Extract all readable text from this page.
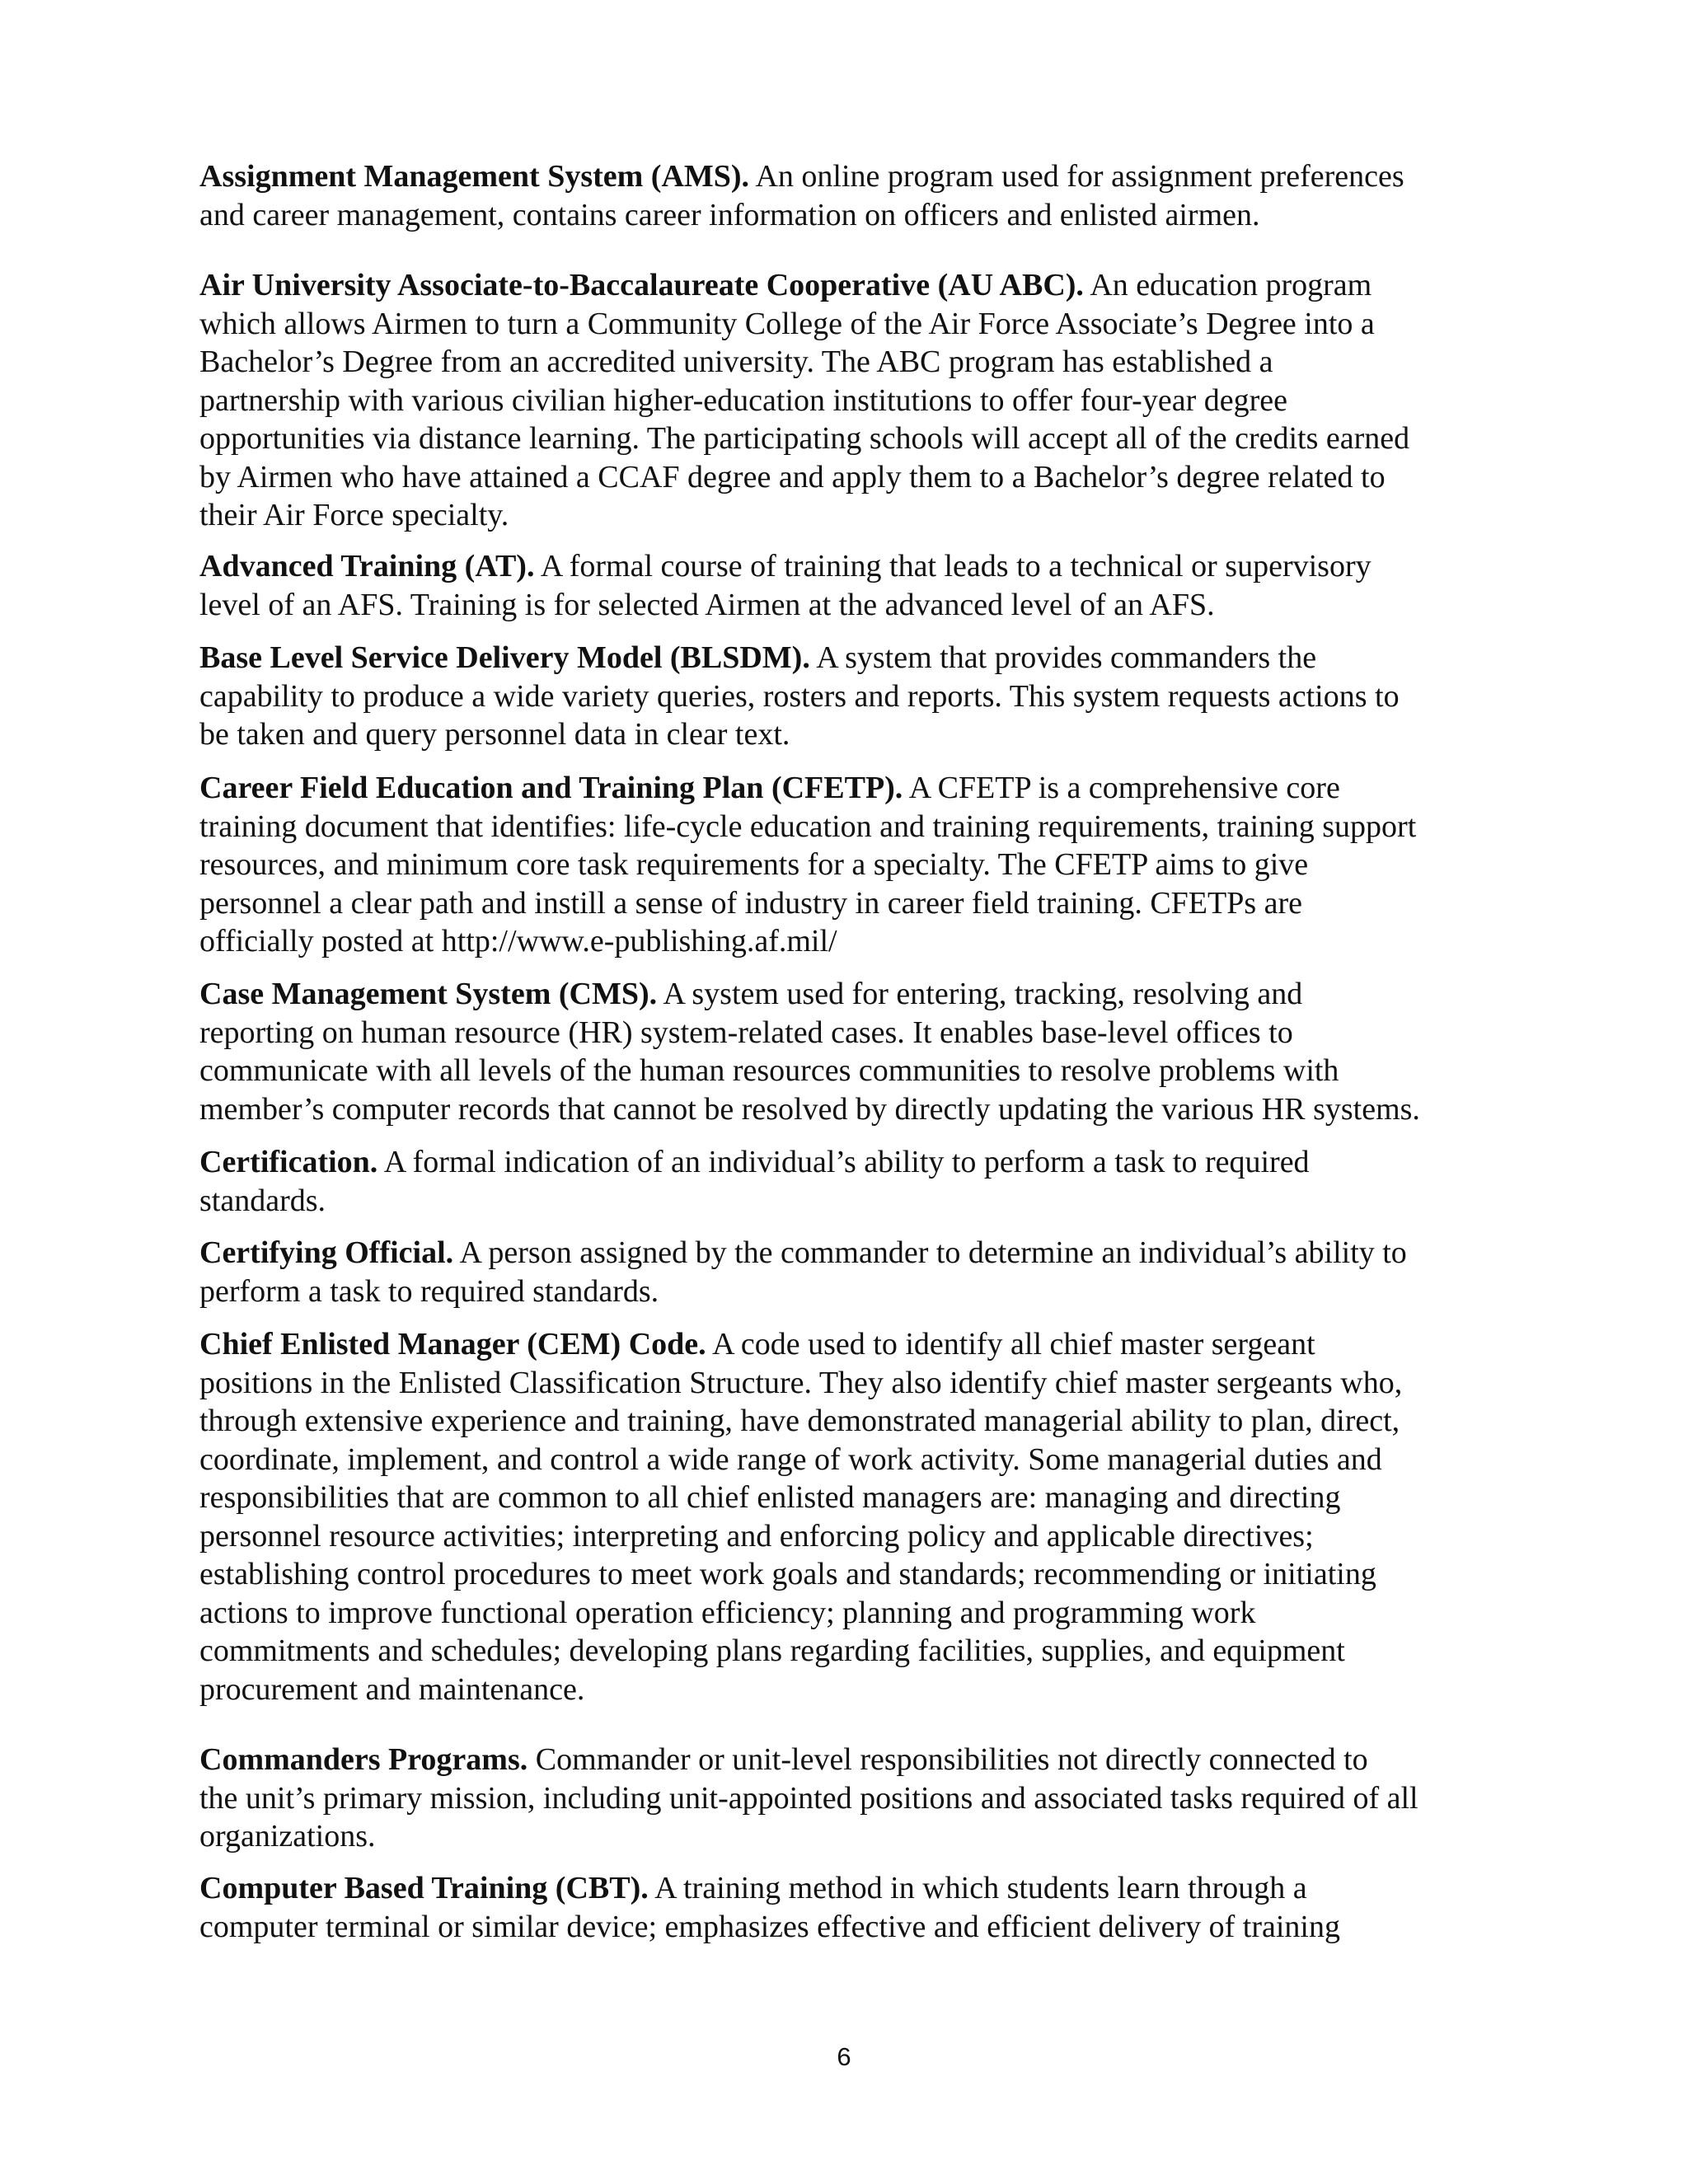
Assignment Management System (AMS). An online program used for assignment preferences
and career management, contains career information on officers and enlisted airmen.

Air University Associate-to-Baccalaureate Cooperative (AU ABC). An education program
which allows Airmen to turn a Community College of the Air Force Associate’s Degree into a
Bachelor’s Degree from an accredited university. The ABC program has established a
partnership with various civilian higher-education institutions to offer four-year degree
opportunities via distance learning. The participating schools will accept all of the credits earned
by Airmen who have attained a CCAF degree and apply them to a Bachelor’s degree related to
their Air Force specialty.

Advanced Training (AT). A formal course of training that leads to a technical or supervisory
level of an AFS. Training is for selected Airmen at the advanced level of an AFS.

Base Level Service Delivery Model (BLSDM). A system that provides commanders the
capability to produce a wide variety queries, rosters and reports. This system requests actions to
be taken and query personnel data in clear text.

Career Field Education and Training Plan (CFETP). A CFETP is a comprehensive core
training document that identifies: life-cycle education and training requirements, training support
resources, and minimum core task requirements for a specialty. The CFETP aims to give
personnel a clear path and instill a sense of industry in career field training. CFETPs are
officially posted at http://www.e-publishing.af.mil/

Case Management System (CMS). A system used for entering, tracking, resolving and
reporting on human resource (HR) system-related cases. It enables base-level offices to
communicate with all levels of the human resources communities to resolve problems with
member’s computer records that cannot be resolved by directly updating the various HR systems.

Certification. A formal indication of an individual’s ability to perform a task to required
standards.

Certifying Official. A person assigned by the commander to determine an individual’s ability to
perform a task to required standards.

Chief Enlisted Manager (CEM) Code. A code used to identify all chief master sergeant
positions in the Enlisted Classification Structure. They also identify chief master sergeants who,
through extensive experience and training, have demonstrated managerial ability to plan, direct,
coordinate, implement, and control a wide range of work activity. Some managerial duties and
responsibilities that are common to all chief enlisted managers are: managing and directing
personnel resource activities; interpreting and enforcing policy and applicable directives;
establishing control procedures to meet work goals and standards; recommending or initiating
actions to improve functional operation efficiency; planning and programming work
commitments and schedules; developing plans regarding facilities, supplies, and equipment
procurement and maintenance.

Commanders Programs. Commander or unit-level responsibilities not directly connected to
the unit’s primary mission, including unit-appointed positions and associated tasks required of all
organizations.

Computer Based Training (CBT). A training method in which students learn through a
computer terminal or similar device; emphasizes effective and efficient delivery of training

6
